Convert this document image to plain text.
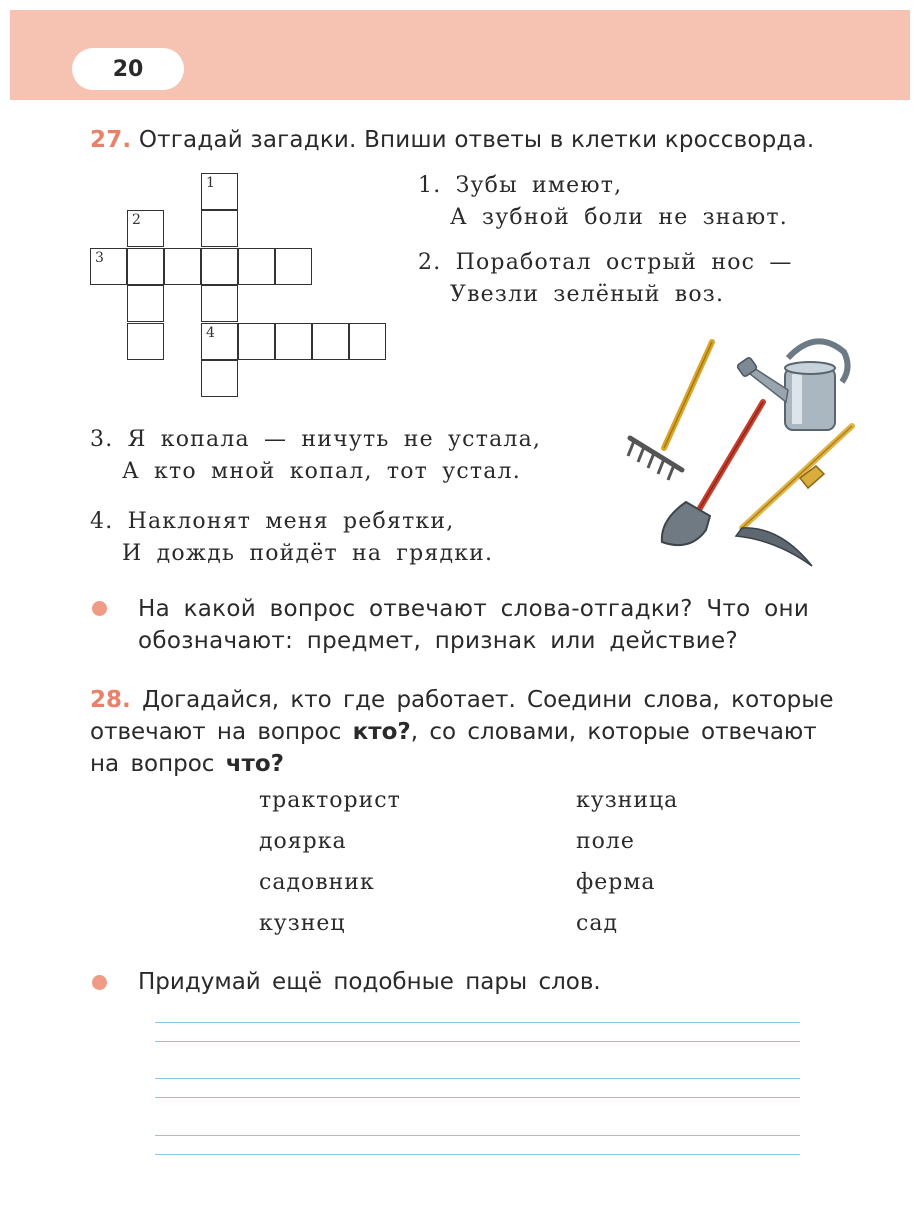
20
27. Отгадай загадки. Впиши ответы в клетки кроссворда.
1
2
3
4
1. Зубы имеют,
А зубной боли не знают.
2. Поработал острый нос —
Увезли зелёный воз.
3. Я копала — ничуть не устала,
А кто мной копал, тот устал.
4. Наклонят меня ребятки,
И дождь пойдёт на грядки.
На какой вопрос отвечают слова-отгадки? Что они
обозначают: предмет, признак или действие?
28. Догадайся, кто где работает. Соедини слова, которые
отвечают на вопрос кто?, со словами, которые отвечают
на вопрос что?
тракторист
доярка
садовник
кузнец
кузница
поле
ферма
сад
Придумай ещё подобные пары слов.
